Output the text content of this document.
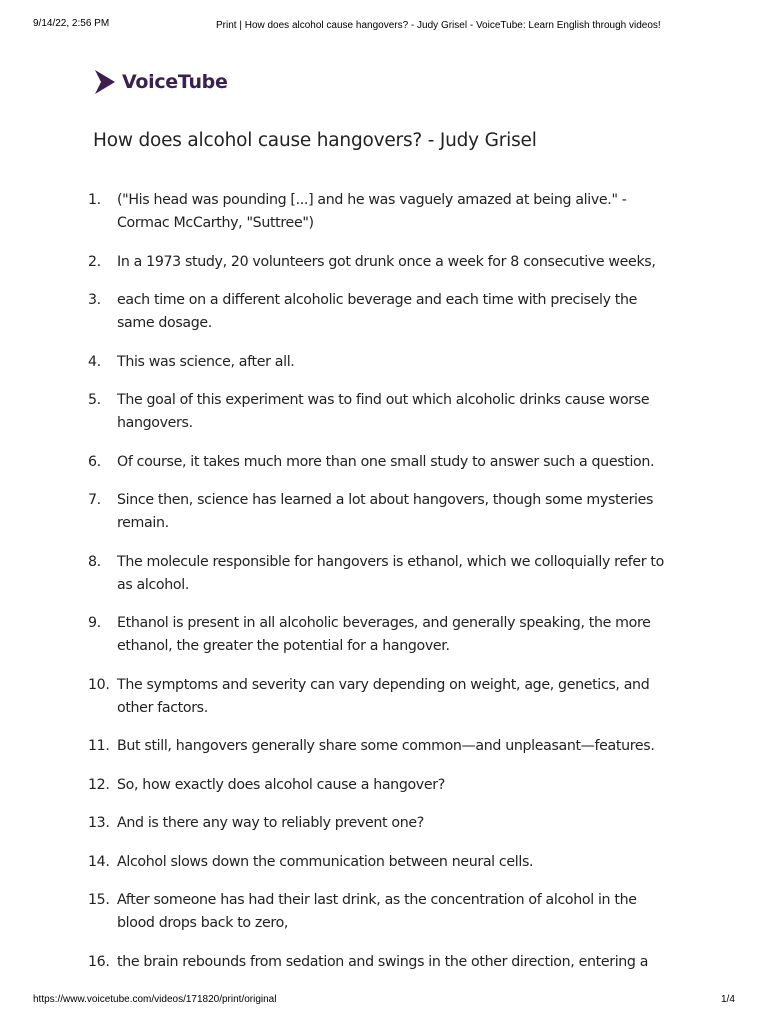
9/14/22, 2:56 PM	Print | How does alcohol cause hangovers? - Judy Grisel - VoiceTube: Learn English through videos!
VoiceTube
How does alcohol cause hangovers? - Judy Grisel
1.	("His head was pounding [...] and he was vaguely amazed at being alive." - Cormac McCarthy, "Suttree")
2.	In a 1973 study, 20 volunteers got drunk once a week for 8 consecutive weeks,
3.	each time on a different alcoholic beverage and each time with precisely the same dosage.
4.	This was science, after all.
5.	The goal of this experiment was to find out which alcoholic drinks cause worse hangovers.
6.	Of course, it takes much more than one small study to answer such a question.
7.	Since then, science has learned a lot about hangovers, though some mysteries remain.
8.	The molecule responsible for hangovers is ethanol, which we colloquially refer to as alcohol.
9.	Ethanol is present in all alcoholic beverages, and generally speaking, the more ethanol, the greater the potential for a hangover.
10. The symptoms and severity can vary depending on weight, age, genetics, and other factors.
11. But still, hangovers generally share some common—and unpleasant—features.
12. So, how exactly does alcohol cause a hangover?
13. And is there any way to reliably prevent one?
14. Alcohol slows down the communication between neural cells.
15. After someone has had their last drink, as the concentration of alcohol in the blood drops back to zero,
16. the brain rebounds from sedation and swings in the other direction, entering a
https://www.voicetube.com/videos/171820/print/original	1/4
